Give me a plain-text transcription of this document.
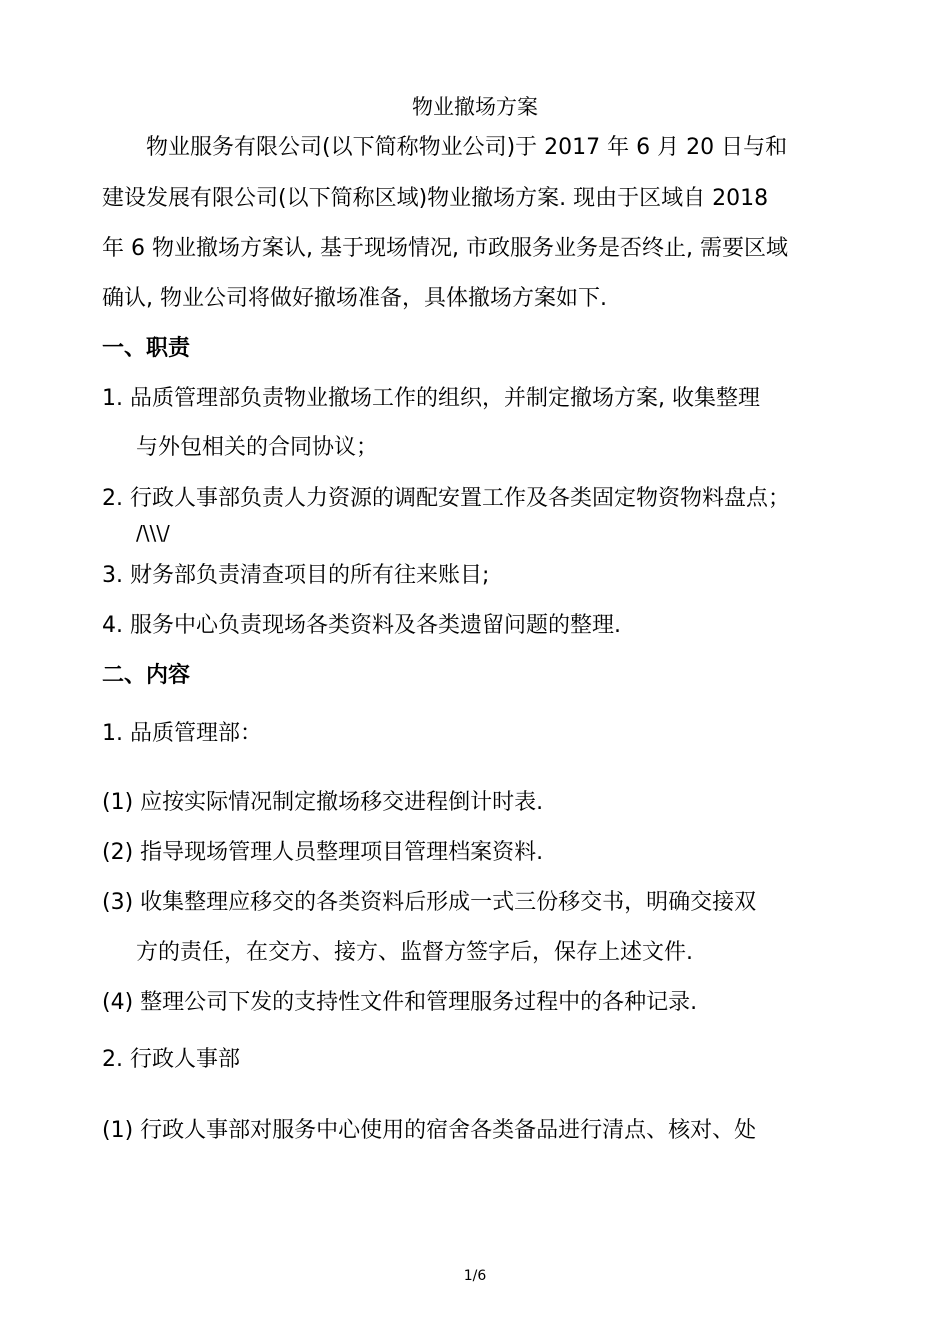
物业撤场方案
物业服务有限公司(以下简称物业公司)于 2017 年 6 月 20 日与和
建设发展有限公司(以下简称区域)物业撤场方案. 现由于区域自 2018
年 6 物业撤场方案认, 基于现场情况, 市政服务业务是否终止, 需要区域
确认, 物业公司将做好撤场准备，具体撤场方案如下.
一、职责
1. 品质管理部负责物业撤场工作的组织，并制定撤场方案, 收集整理
与外包相关的合同协议；
2. 行政人事部负责人力资源的调配安置工作及各类固定物资物料盘点；
/\\\/
3. 财务部负责清查项目的所有往来账目;
4. 服务中心负责现场各类资料及各类遗留问题的整理.
二、内容
1. 品质管理部：
(1) 应按实际情况制定撤场移交进程倒计时表.
(2) 指导现场管理人员整理项目管理档案资料.
(3) 收集整理应移交的各类资料后形成一式三份移交书，明确交接双
方的责任，在交方、接方、监督方签字后，保存上述文件.
(4) 整理公司下发的支持性文件和管理服务过程中的各种记录.
2. 行政人事部
(1) 行政人事部对服务中心使用的宿舍各类备品进行清点、核对、处
1/6
